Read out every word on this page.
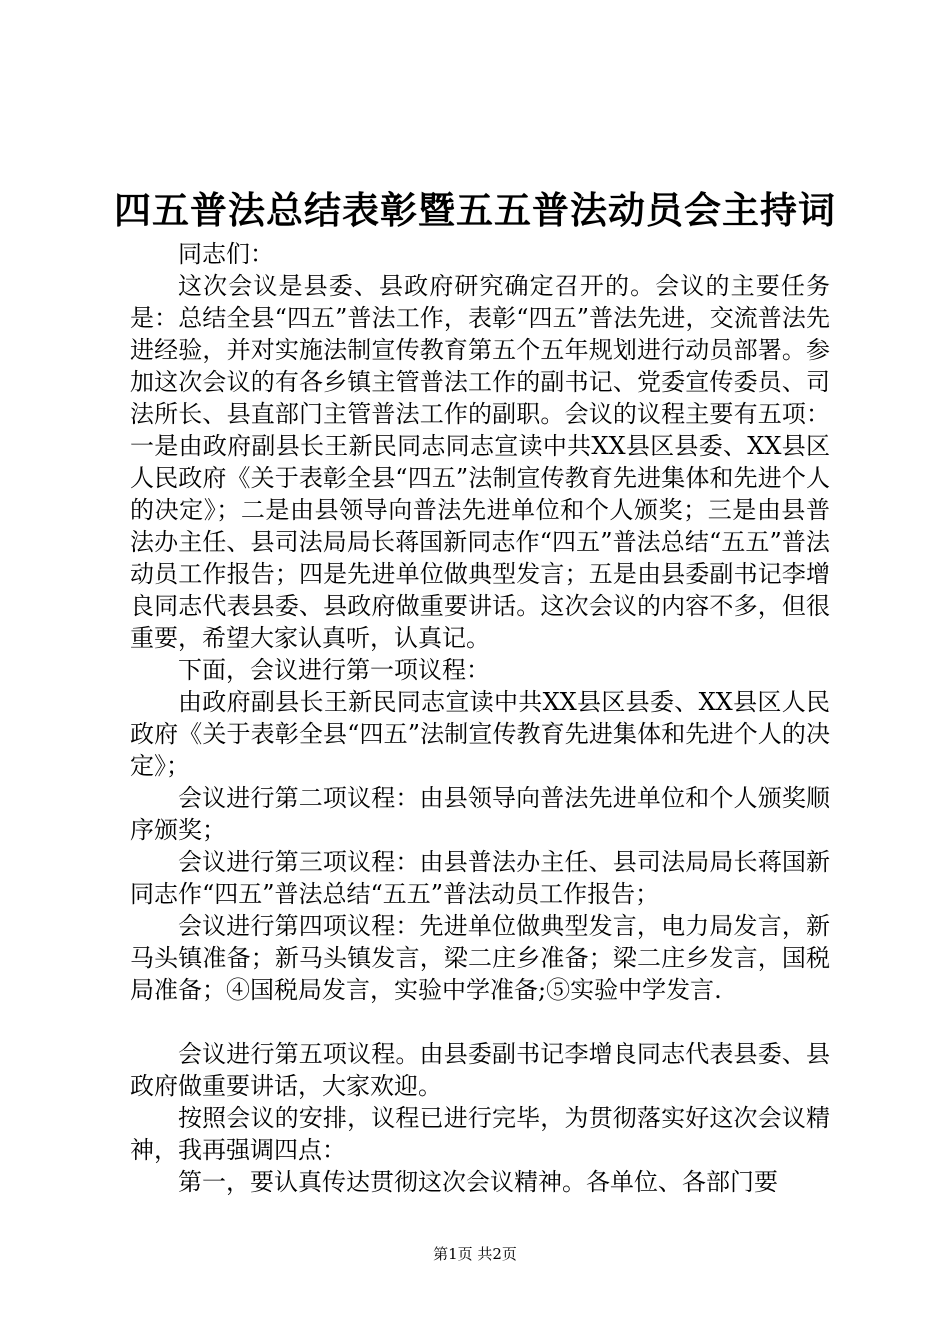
四五普法总结表彰暨五五普法动员会主持词

同志们：

这次会议是县委、县政府研究确定召开的。会议的主要任务是：总结全县“四五”普法工作，表彰“四五”普法先进，交流普法先进经验，并对实施法制宣传教育第五个五年规划进行动员部署。参加这次会议的有各乡镇主管普法工作的副书记、党委宣传委员、司法所长、县直部门主管普法工作的副职。会议的议程主要有五项：一是由政府副县长王新民同志同志宣读中共XX县区县委、XX县区人民政府《关于表彰全县“四五”法制宣传教育先进集体和先进个人的决定》；二是由县领导向普法先进单位和个人颁奖；三是由县普法办主任、县司法局局长蒋国新同志作“四五”普法总结“五五”普法动员工作报告；四是先进单位做典型发言；五是由县委副书记李增良同志代表县委、县政府做重要讲话。这次会议的内容不多，但很重要，希望大家认真听，认真记。

下面，会议进行第一项议程：

由政府副县长王新民同志宣读中共XX县区县委、XX县区人民政府《关于表彰全县“四五”法制宣传教育先进集体和先进个人的决定》；

会议进行第二项议程：由县领导向普法先进单位和个人颁奖顺序颁奖；

会议进行第三项议程：由县普法办主任、县司法局局长蒋国新同志作“四五”普法总结“五五”普法动员工作报告；

会议进行第四项议程：先进单位做典型发言，电力局发言，新马头镇准备；新马头镇发言，梁二庄乡准备；梁二庄乡发言，国税局准备；④国税局发言，实验中学准备;⑤实验中学发言.

会议进行第五项议程。由县委副书记李增良同志代表县委、县政府做重要讲话，大家欢迎。

按照会议的安排，议程已进行完毕，为贯彻落实好这次会议精神，我再强调四点：

第一，要认真传达贯彻这次会议精神。各单位、各部门要

第1页 共2页
